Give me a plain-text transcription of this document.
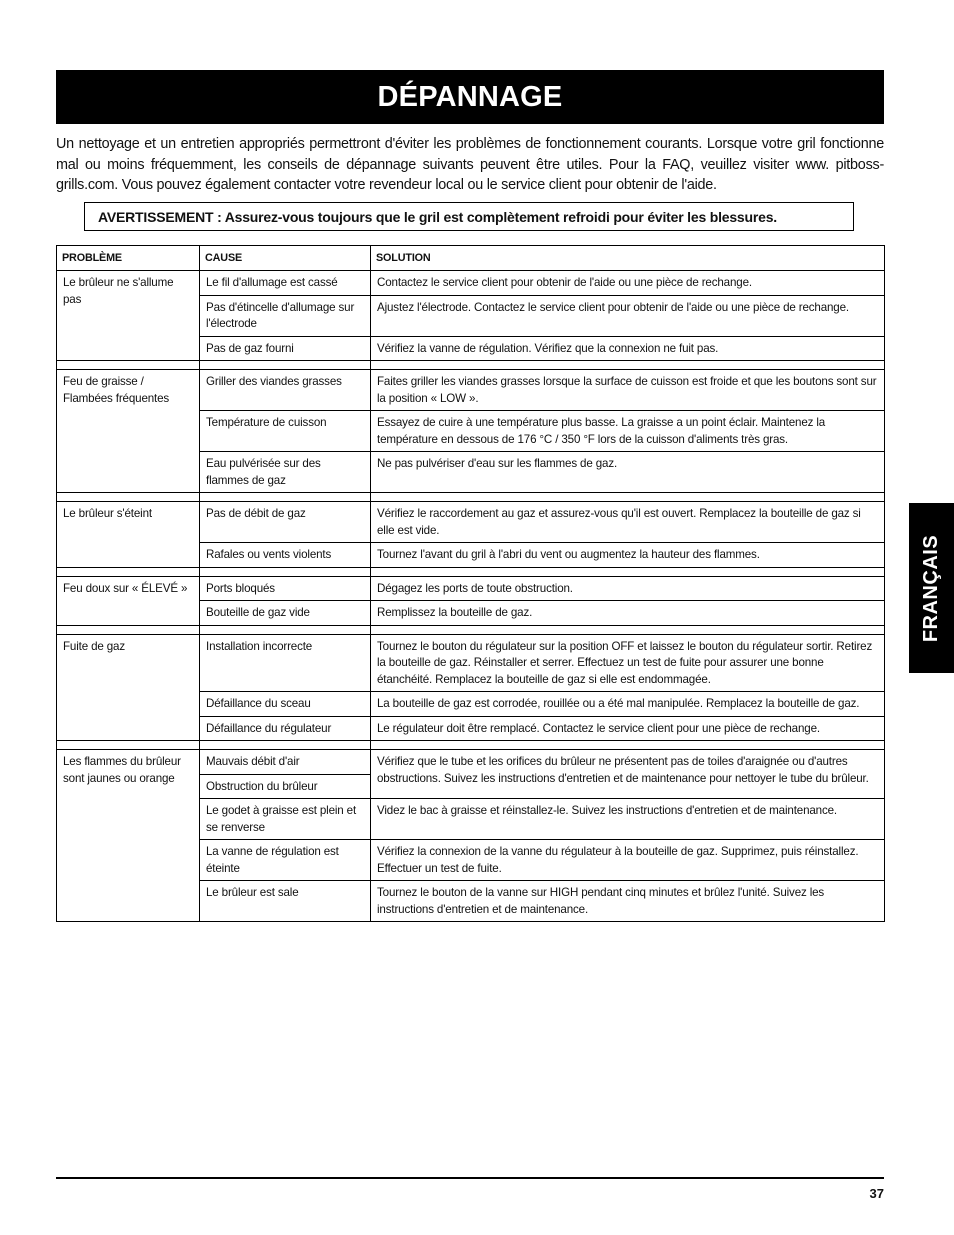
DÉPANNAGE

Un nettoyage et un entretien appropriés permettront d'éviter les problèmes de fonctionnement courants. Lorsque votre gril fonctionne mal ou moins fréquemment, les conseils de dépannage suivants peuvent être utiles. Pour la FAQ, veuillez visiter www. pitboss-grills.com. Vous pouvez également contacter votre revendeur local ou le service client pour obtenir de l'aide.

AVERTISSEMENT : Assurez-vous toujours que le gril est complètement refroidi pour éviter les blessures.
PROBLÈME	CAUSE	SOLUTION
Le brûleur ne s'allume pas	Le fil d'allumage est cassé	Contactez le service client pour obtenir de l'aide ou une pièce de rechange.
	Pas d'étincelle d'allumage sur l'électrode	Ajustez l'électrode. Contactez le service client pour obtenir de l'aide ou une pièce de rechange.
	Pas de gaz fourni	Vérifiez la vanne de régulation. Vérifiez que la connexion ne fuit pas.

Feu de graisse / Flambées fréquentes	Griller des viandes grasses	Faites griller les viandes grasses lorsque la surface de cuisson est froide et que les boutons sont sur la position « LOW ».
	Température de cuisson	Essayez de cuire à une température plus basse. La graisse a un point éclair. Maintenez la température en dessous de 176 °C / 350 °F lors de la cuisson d'aliments très gras.
	Eau pulvérisée sur des flammes de gaz	Ne pas pulvériser d'eau sur les flammes de gaz.

Le brûleur s'éteint	Pas de débit de gaz	Vérifiez le raccordement au gaz et assurez-vous qu'il est ouvert. Remplacez la bouteille de gaz si elle est vide.
	Rafales ou vents violents	Tournez l'avant du gril à l'abri du vent ou augmentez la hauteur des flammes.

Feu doux sur « ÉLEVÉ »	Ports bloqués	Dégagez les ports de toute obstruction.
	Bouteille de gaz vide	Remplissez la bouteille de gaz.

Fuite de gaz	Installation incorrecte	Tournez le bouton du régulateur sur la position OFF et laissez le bouton du régulateur sortir. Retirez la bouteille de gaz. Réinstaller et serrer. Effectuez un test de fuite pour assurer une bonne étanchéité. Remplacez la bouteille de gaz si elle est endommagée.
	Défaillance du sceau	La bouteille de gaz est corrodée, rouillée ou a été mal manipulée. Remplacez la bouteille de gaz.
	Défaillance du régulateur	Le régulateur doit être remplacé. Contactez le service client pour une pièce de rechange.

Les flammes du brûleur sont jaunes ou orange	Mauvais débit d'air	Vérifiez que le tube et les orifices du brûleur ne présentent pas de toiles d'araignée ou d'autres obstructions. Suivez les instructions d'entretien et de maintenance pour nettoyer le tube du brûleur.
	Obstruction du brûleur	
	Le godet à graisse est plein et se renverse	Videz le bac à graisse et réinstallez-le. Suivez les instructions d'entretien et de maintenance.
	La vanne de régulation est éteinte	Vérifiez la connexion de la vanne du régulateur à la bouteille de gaz. Supprimez, puis réinstallez. Effectuer un test de fuite.
	Le brûleur est sale	Tournez le bouton de la vanne sur HIGH pendant cinq minutes et brûlez l'unité. Suivez les instructions d'entretien et de maintenance.
FRANÇAIS
37
